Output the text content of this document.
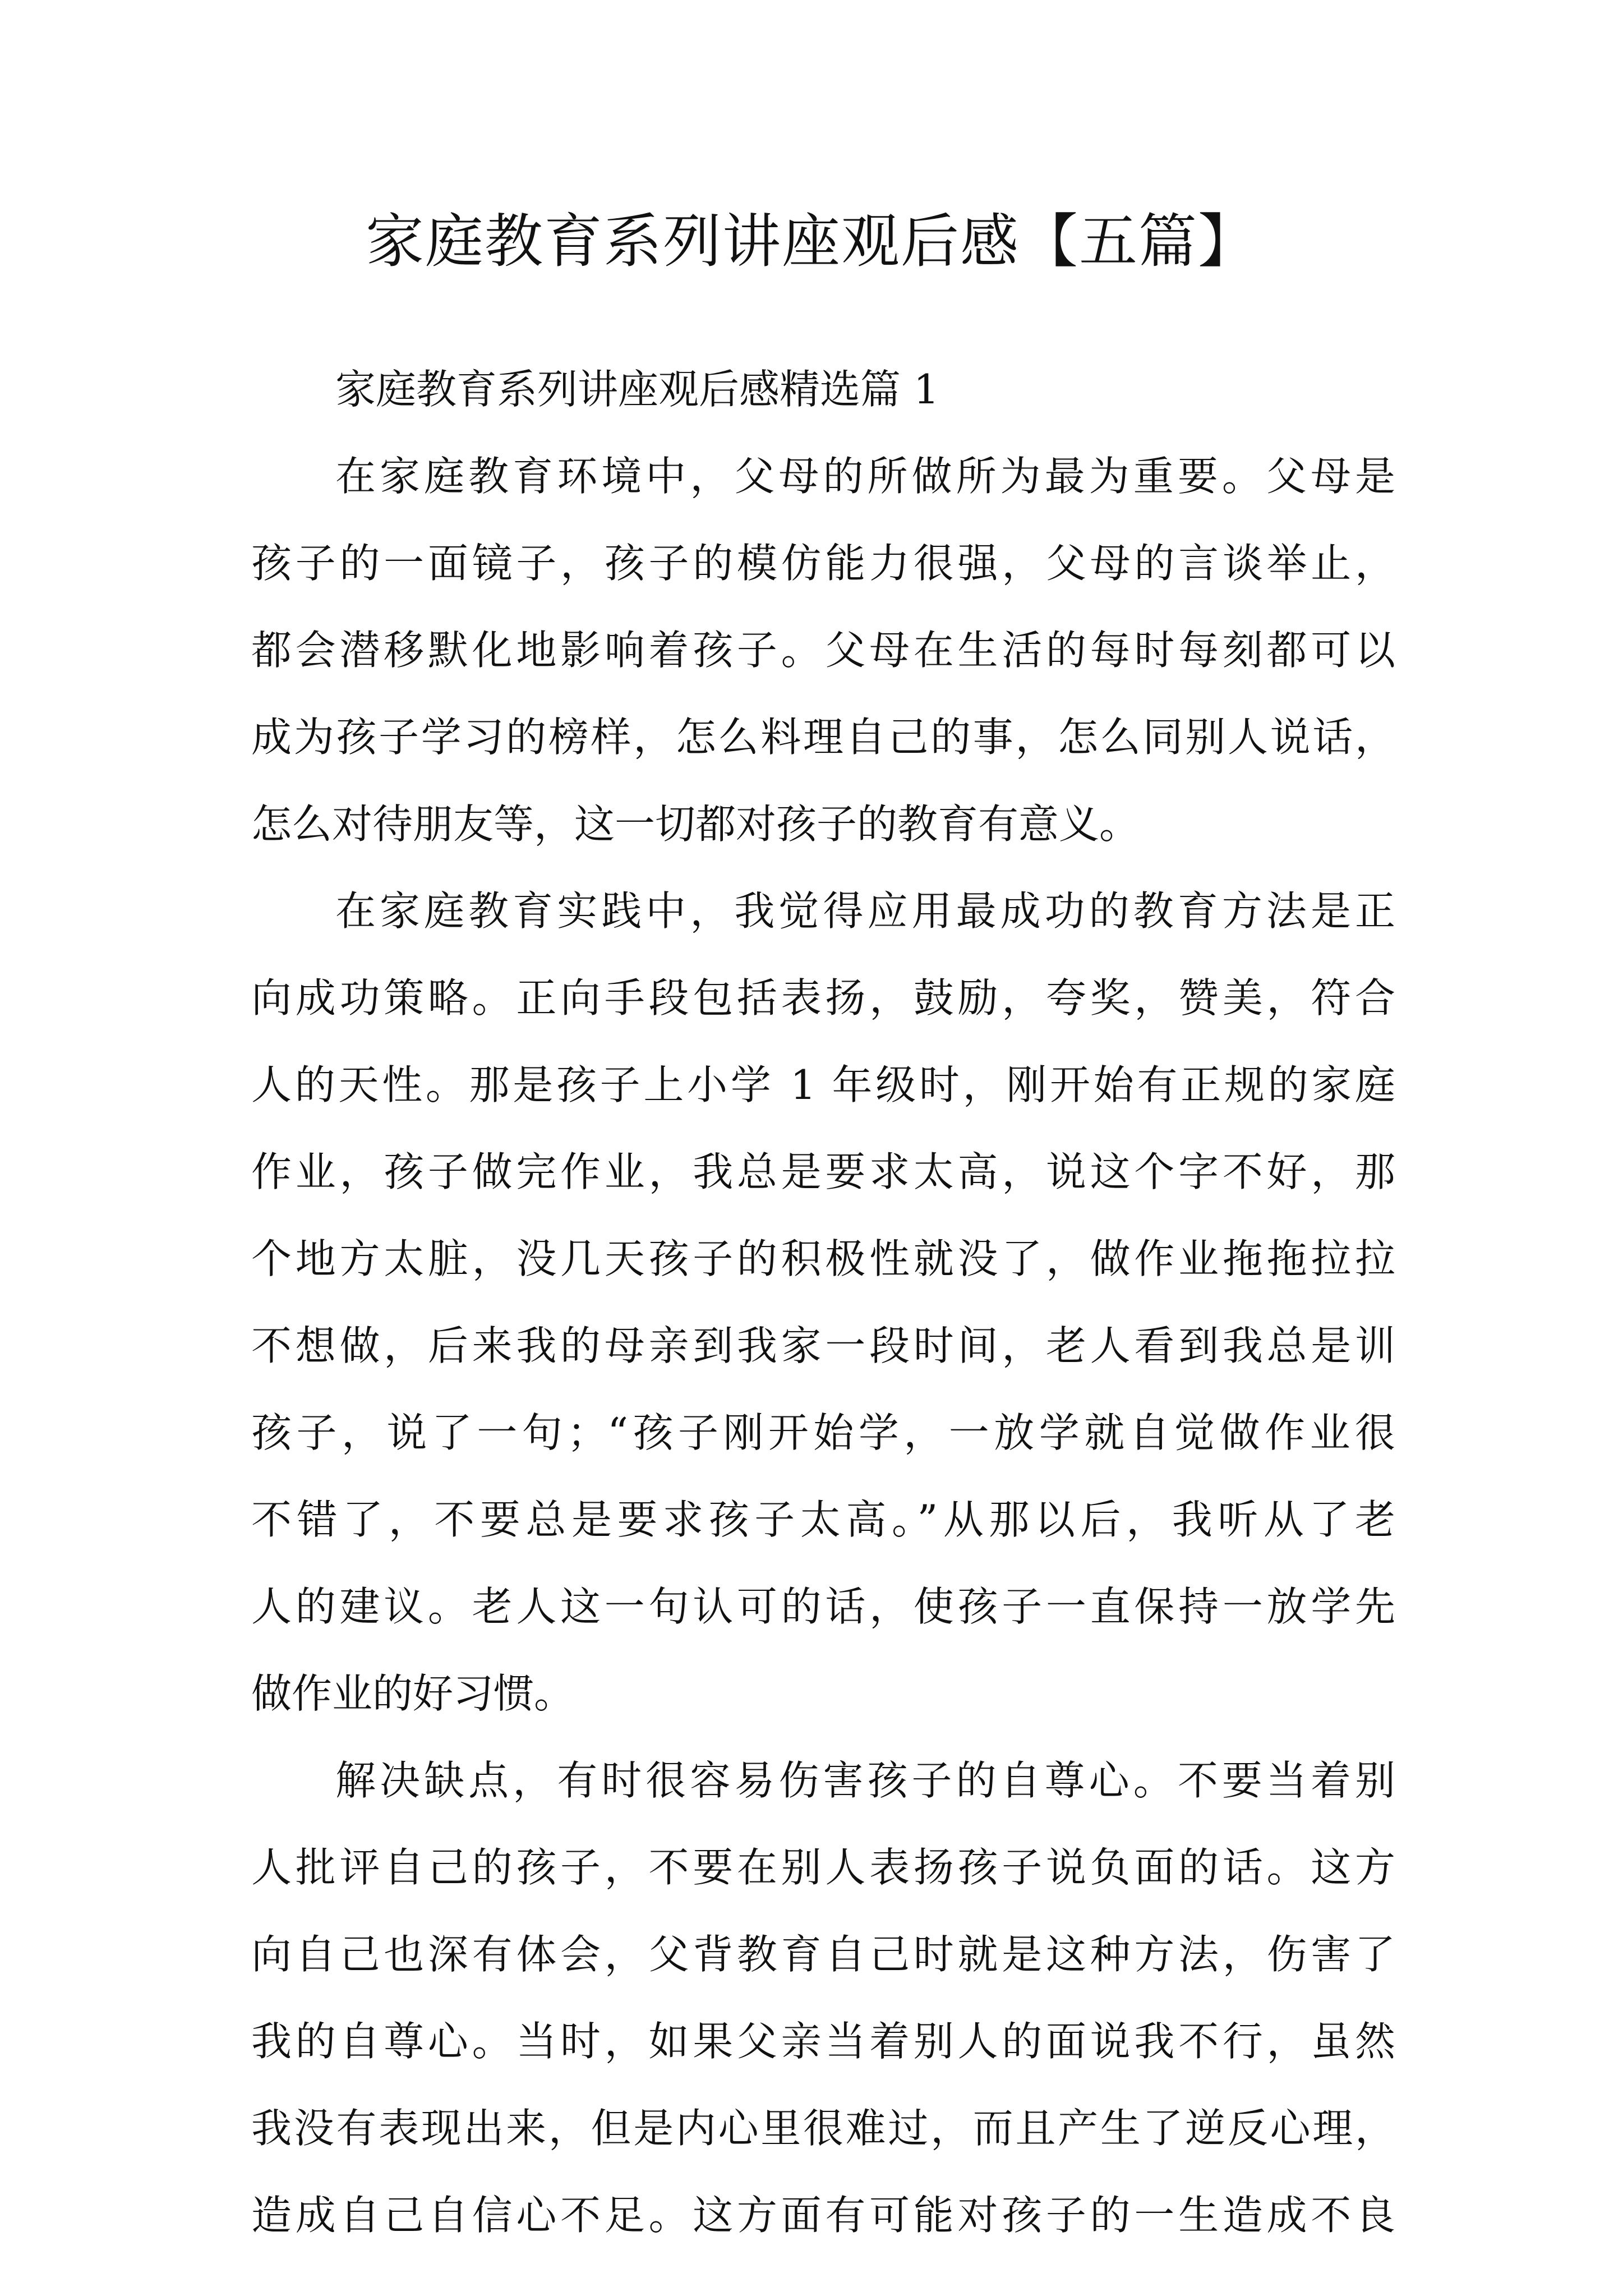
家庭教育系列讲座观后感【五篇】
家庭教育系列讲座观后感精选篇 1
在家庭教育环境中，父母的所做所为最为重要。父母是
孩子的一面镜子，孩子的模仿能力很强，父母的言谈举止，
都会潜移默化地影响着孩子。父母在生活的每时每刻都可以
成为孩子学习的榜样，怎么料理自己的事，怎么同别人说话，
怎么对待朋友等，这一切都对孩子的教育有意义。
在家庭教育实践中，我觉得应用最成功的教育方法是正
向成功策略。正向手段包括表扬，鼓励，夸奖，赞美，符合
人的天性。那是孩子上小学 1 年级时，刚开始有正规的家庭
作业，孩子做完作业，我总是要求太高，说这个字不好，那
个地方太脏，没几天孩子的积极性就没了，做作业拖拖拉拉
不想做，后来我的母亲到我家一段时间，老人看到我总是训
孩子，说了一句；“孩子刚开始学，一放学就自觉做作业很
不错了，不要总是要求孩子太高。”从那以后，我听从了老
人的建议。老人这一句认可的话，使孩子一直保持一放学先
做作业的好习惯。
解决缺点，有时很容易伤害孩子的自尊心。不要当着别
人批评自己的孩子，不要在别人表扬孩子说负面的话。这方
向自己也深有体会，父背教育自己时就是这种方法，伤害了
我的自尊心。当时，如果父亲当着别人的面说我不行，虽然
我没有表现出来，但是内心里很难过，而且产生了逆反心理，
造成自己自信心不足。这方面有可能对孩子的一生造成不良
